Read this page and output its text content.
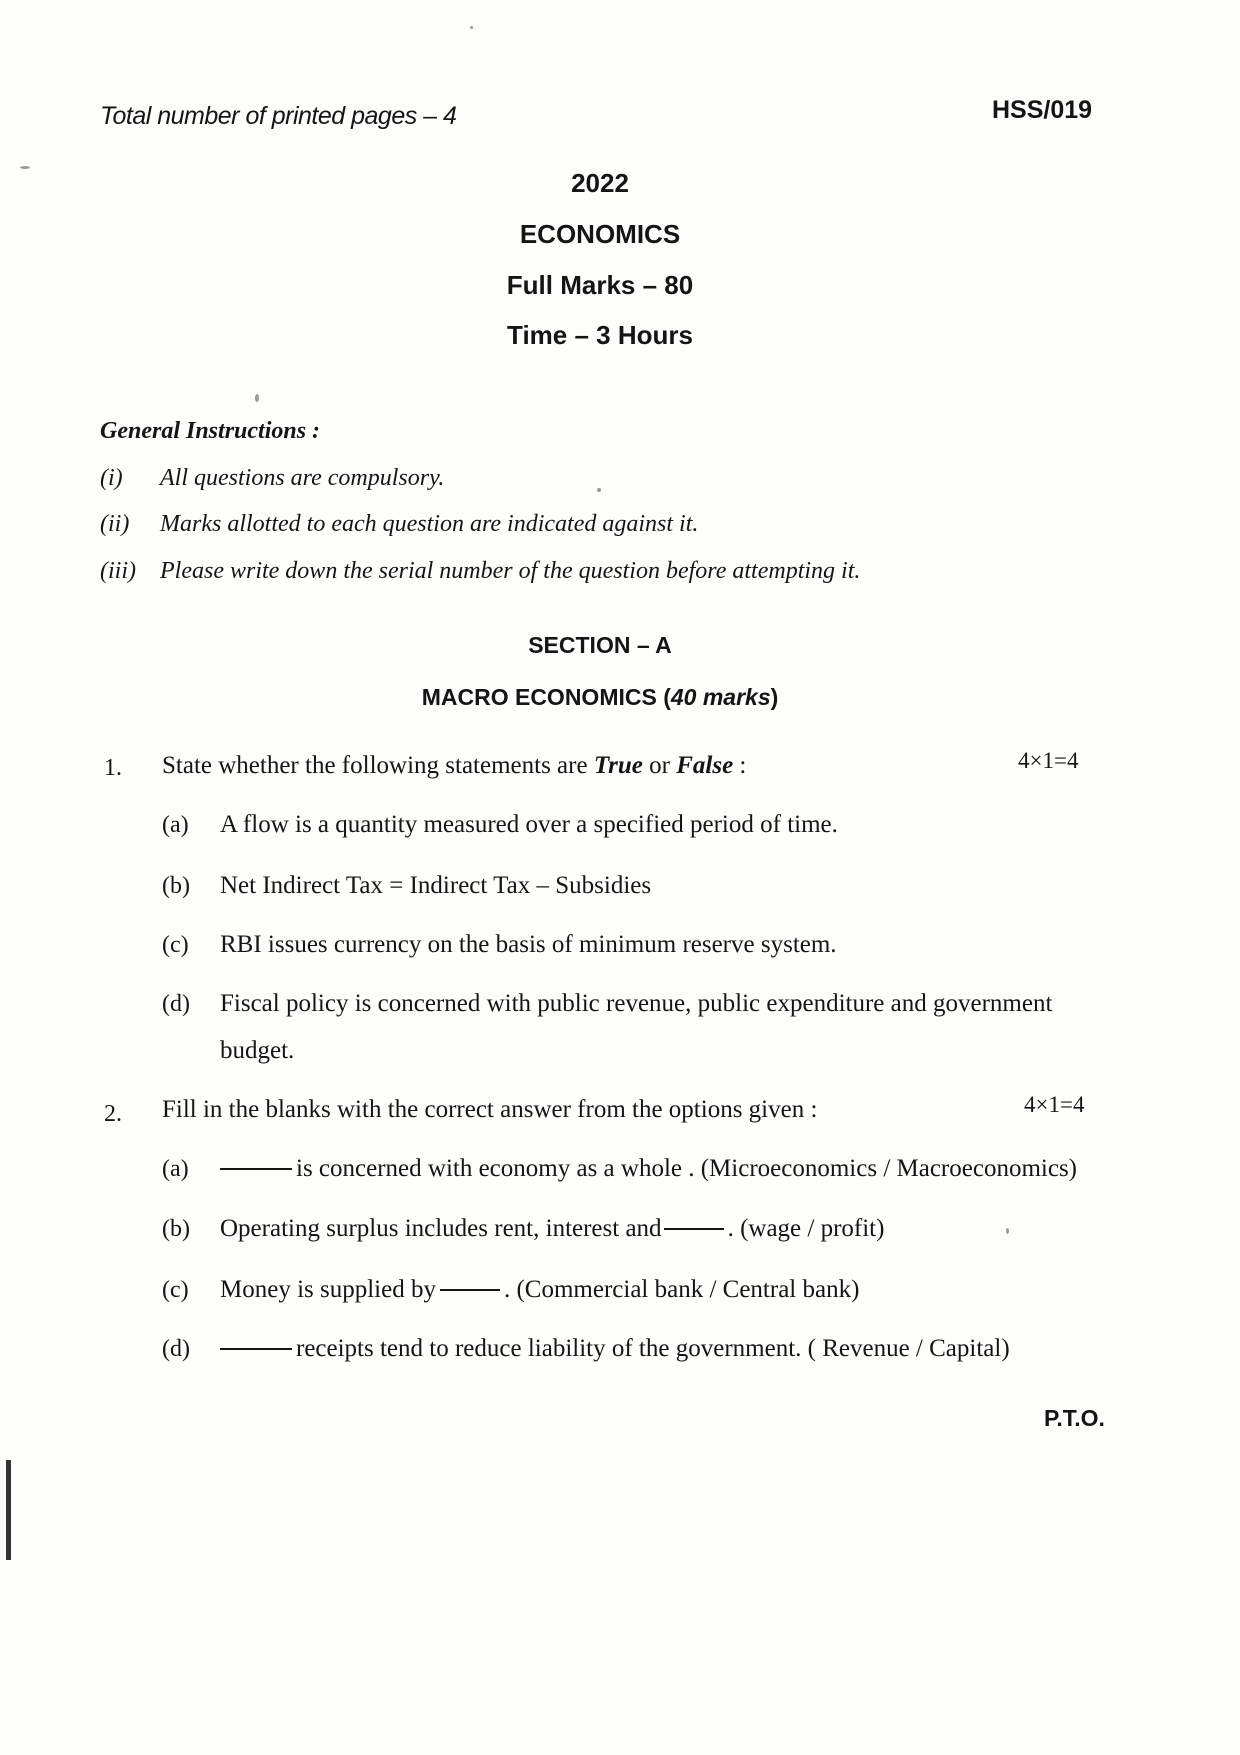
Total number of printed pages – 4	HSS/019
2022
ECONOMICS
Full Marks – 80
Time – 3 Hours
General Instructions :
(i) All questions are compulsory.
(ii) Marks allotted to each question are indicated against it.
(iii) Please write down the serial number of the question before attempting it.
SECTION – A
MACRO ECONOMICS (40 marks)
1. State whether the following statements are True or False :	4×1=4
(a) A flow is a quantity measured over a specified period of time.
(b) Net Indirect Tax = Indirect Tax – Subsidies
(c) RBI issues currency on the basis of minimum reserve system.
(d) Fiscal policy is concerned with public revenue, public expenditure and government
budget.
2. Fill in the blanks with the correct answer from the options given :	4×1=4
(a)	is concerned with economy as a whole . (Microeconomics / Macroeconomics)
(b) Operating surplus includes rent, interest and	. (wage / profit)
(c) Money is supplied by	. (Commercial bank / Central bank)
(d)	receipts tend to reduce liability of the government. ( Revenue / Capital)
P.T.O.
